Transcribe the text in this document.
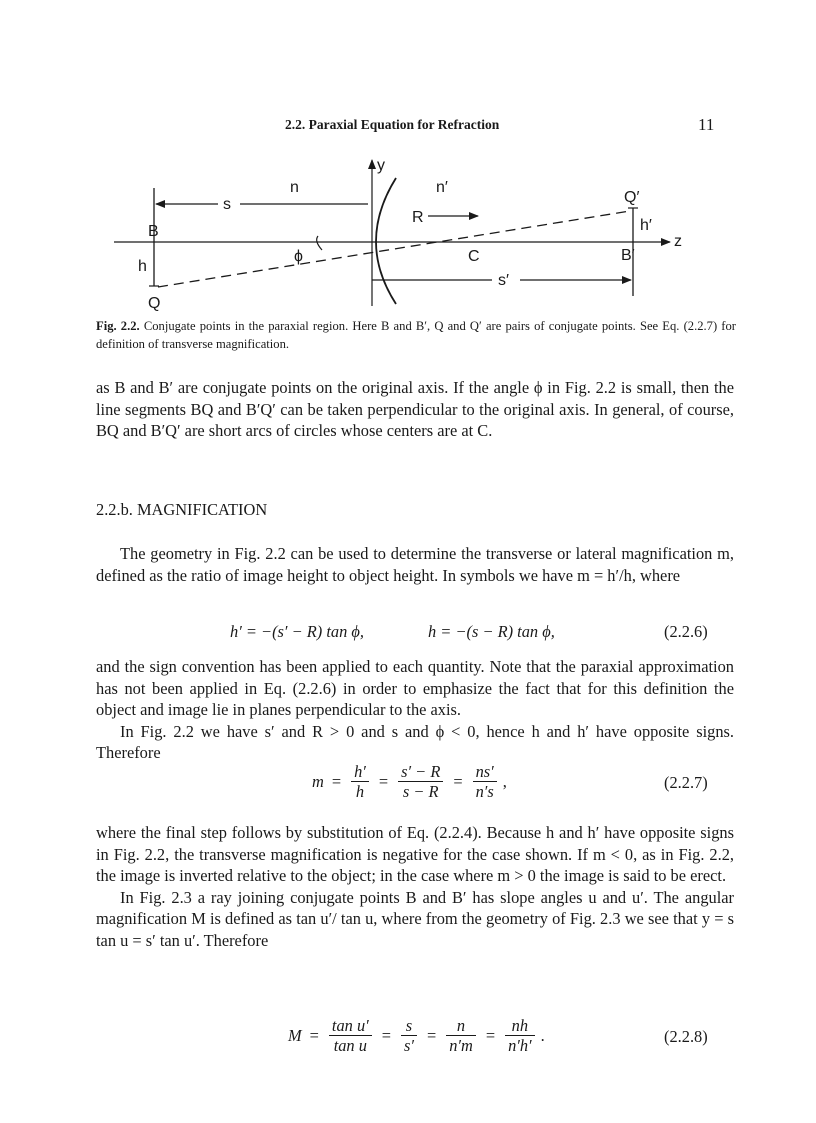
2.2. Paraxial Equation for Refraction	11
y
n	n′
s
B
h
Q
ϕ
R
C
s′
Q′
h′
B′
z
Fig. 2.2. Conjugate points in the paraxial region. Here B and B′, Q and Q′ are pairs of conjugate points. See Eq. (2.2.7) for definition of transverse magnification.

as B and B′ are conjugate points on the original axis. If the angle ϕ in Fig. 2.2 is small, then the line segments BQ and B′Q′ can be taken perpendicular to the original axis. In general, of course, BQ and B′Q′ are short arcs of circles whose centers are at C.

2.2.b. MAGNIFICATION

The geometry in Fig. 2.2 can be used to determine the transverse or lateral magnification m, defined as the ratio of image height to object height. In symbols we have m = h′/h, where

h′ = −(s′ − R) tan ϕ,	h = −(s − R) tan ϕ,	(2.2.6)

and the sign convention has been applied to each quantity. Note that the paraxial approximation has not been applied in Eq. (2.2.6) in order to emphasize the fact that for this definition the object and image lie in planes perpendicular to the axis.

In Fig. 2.2 we have s′ and R > 0 and s and ϕ < 0, hence h and h′ have opposite signs. Therefore

$m = \frac{h'}{h} = \frac{s' - R}{s - R} = \frac{ns'}{n's}$ ,	(2.2.7)

where the final step follows by substitution of Eq. (2.2.4). Because h and h′ have opposite signs in Fig. 2.2, the transverse magnification is negative for the case shown. If m < 0, as in Fig. 2.2, the image is inverted relative to the object; in the case where m > 0 the image is said to be erect.

In Fig. 2.3 a ray joining conjugate points B and B′ has slope angles u and u′. The angular magnification M is defined as tan u′/ tan u, where from the geometry of Fig. 2.3 we see that y = s tan u = s′ tan u′. Therefore

$M = \frac{\text{tan u′}}{\text{tan u}} = \frac{s}{s'} = \frac{n}{n'm} = \frac{nh}{n'h'}$ .	(2.2.8)
